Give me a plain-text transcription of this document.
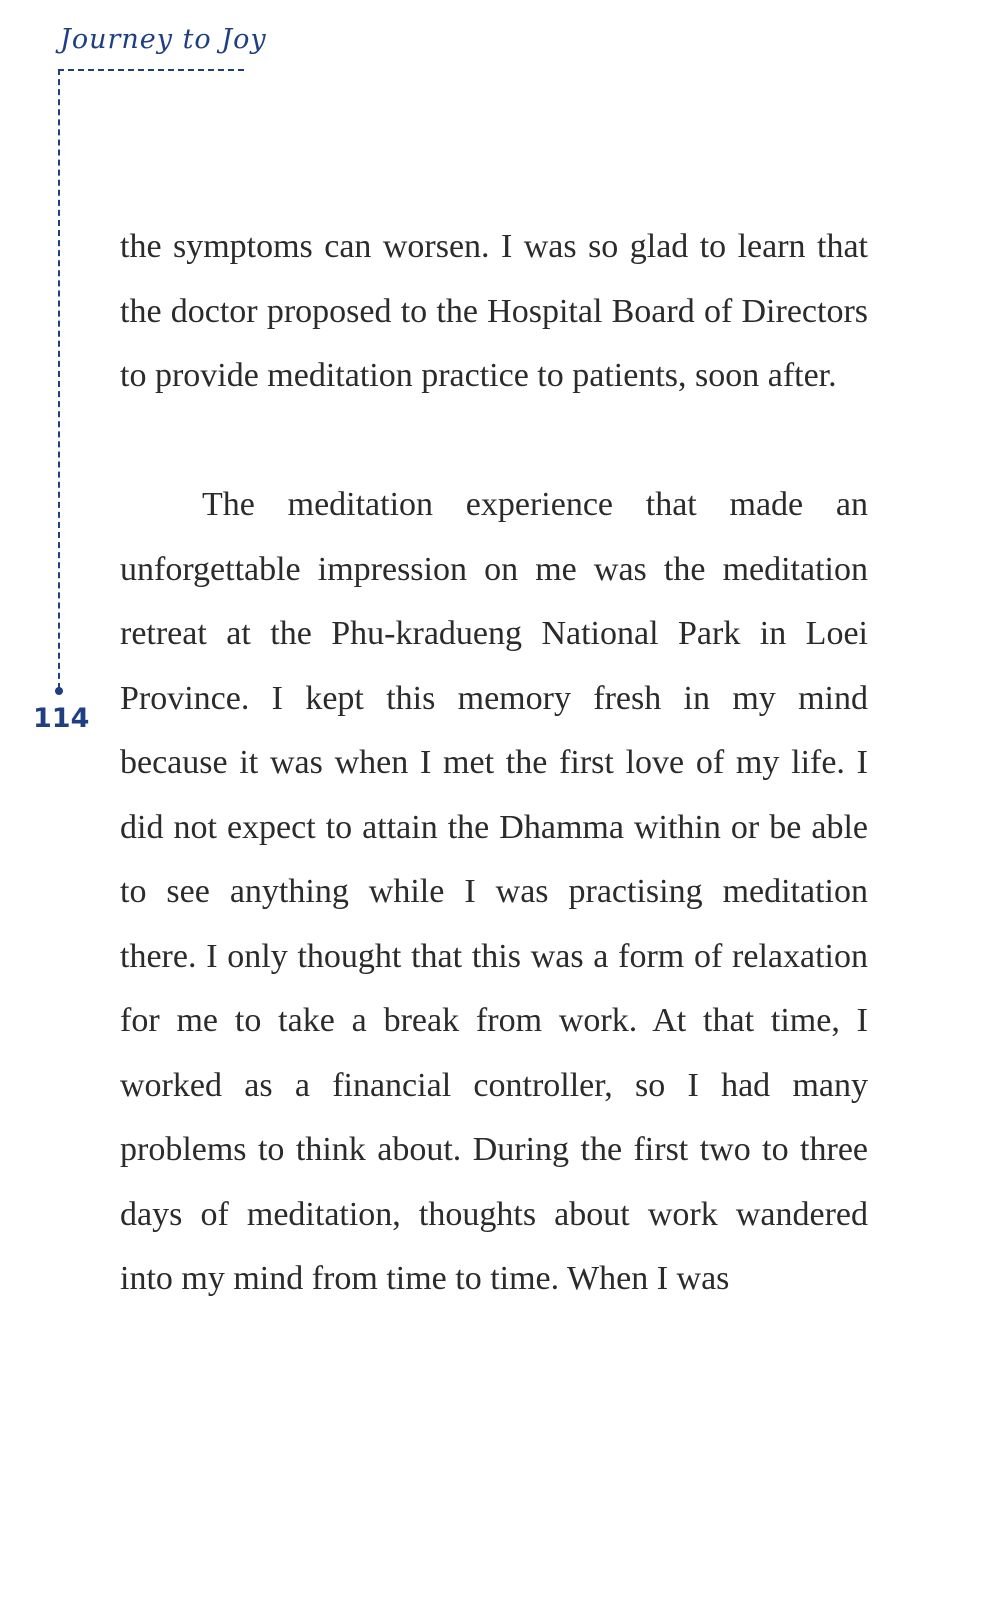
Journey to Joy
114

the symptoms can worsen. I was so glad to learn that the doctor proposed to the Hospital Board of Directors to provide meditation practice to patients, soon after.

The meditation experience that made an unforgettable impression on me was the meditation retreat at the Phu-kradueng National Park in Loei Province. I kept this memory fresh in my mind because it was when I met the first love of my life. I did not expect to attain the Dhamma within or be able to see anything while I was practising meditation there. I only thought that this was a form of relaxation for me to take a break from work. At that time, I worked as a financial controller, so I had many problems to think about. During the first two to three days of meditation, thoughts about work wandered into my mind from time to time. When I was
